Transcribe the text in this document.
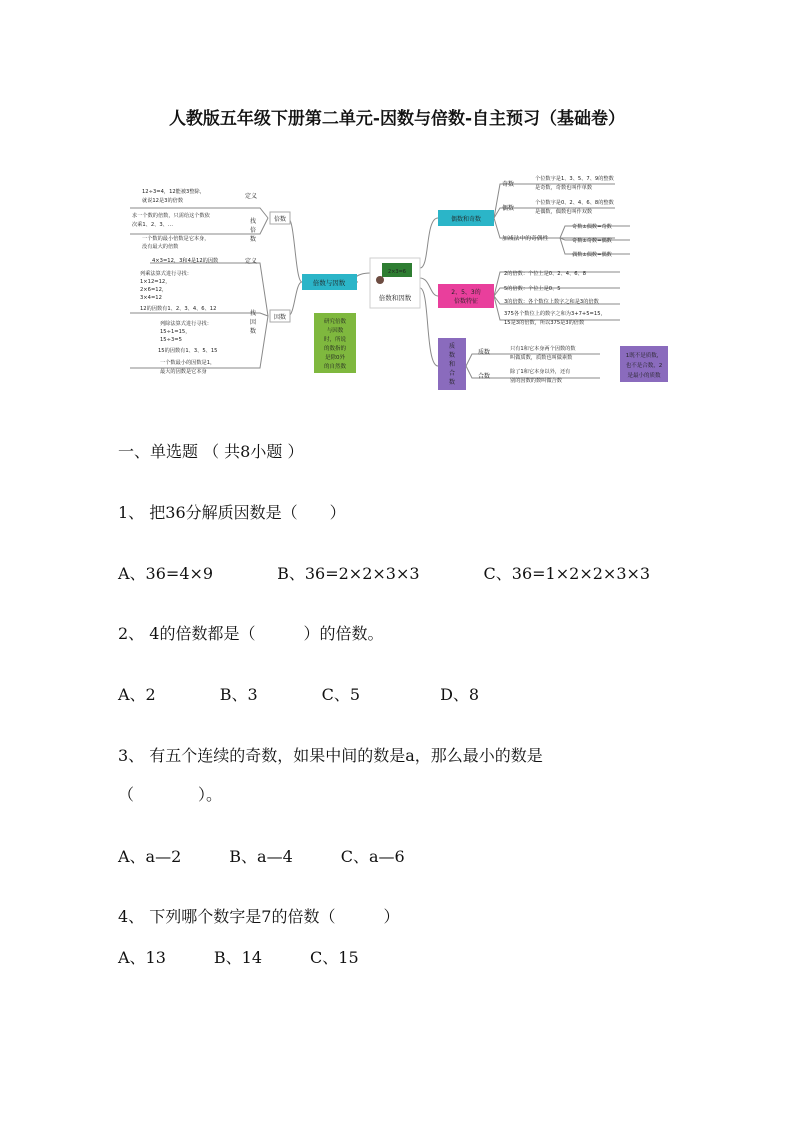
人教版五年级下册第二单元-因数与倍数-自主预习（基础卷）
2×3=6
倍数和因数
倍数与因数
研究倍数
与因数
时，所说
的数指的
是除0外
的自然数
倍数
定义
找
倍
数
12÷3=4，12能被3整除，
就说12是3的倍数
求一个数的倍数，只需给这个数依
次乘1、2、3、…
一个数的最小倍数是它本身，
没有最大的倍数
因数
定义
找
因
数
4×3=12，3和4是12的因数
列乘法算式进行寻找：
1×12=12，
2×6=12，
3×4=12
12的因数有1、2、3、4、6、12
列除法算式进行寻找：
15÷1=15，
15÷3=5
15的因数有1、3、5、15
一个数最小的因数是1，
最大的因数是它本身
偶数和奇数
奇数
偶数
个位数字是1、3、5、7、9的整数
是奇数，奇数也叫作单数
个位数字是0、2、4、6、8的整数
是偶数，偶数也叫作双数
加减法中的奇偶性
奇数±偶数=奇数
奇数±奇数=偶数
偶数±偶数=偶数
2、5、3的
倍数特征
2的倍数：个位上是0、2、4、6、8
5的倍数：个位上是0、5
3的倍数：各个数位上数字之和是3的倍数
375各个数位上的数字之和为3+7+5=15，
15是3的倍数，所以375是3的倍数
质
数
和
合
数
质数
合数
只有1和它本身两个因数的数
叫做质数，质数也叫做素数
除了1和它本身以外，还有
别的因数的数叫做合数
1既不是质数，
也不是合数，2
是最小的质数
一、单选题 （ 共8小题 ）
1、 把36分解质因数是（　　）
A、36=4×9　　　　B、36=2×2×3×3　　　　C、36=1×2×2×3×3
2、 4的倍数都是（　　　）的倍数。
A、2　　　　B、3　　　　C、5　　　　　D、8
3、 有五个连续的奇数，如果中间的数是a，那么最小的数是
（　　　　）。
A、a—2　　　B、a—4　　　C、a—6
4、 下列哪个数字是7的倍数（　　　）
A、13　　　B、14　　　C、15
